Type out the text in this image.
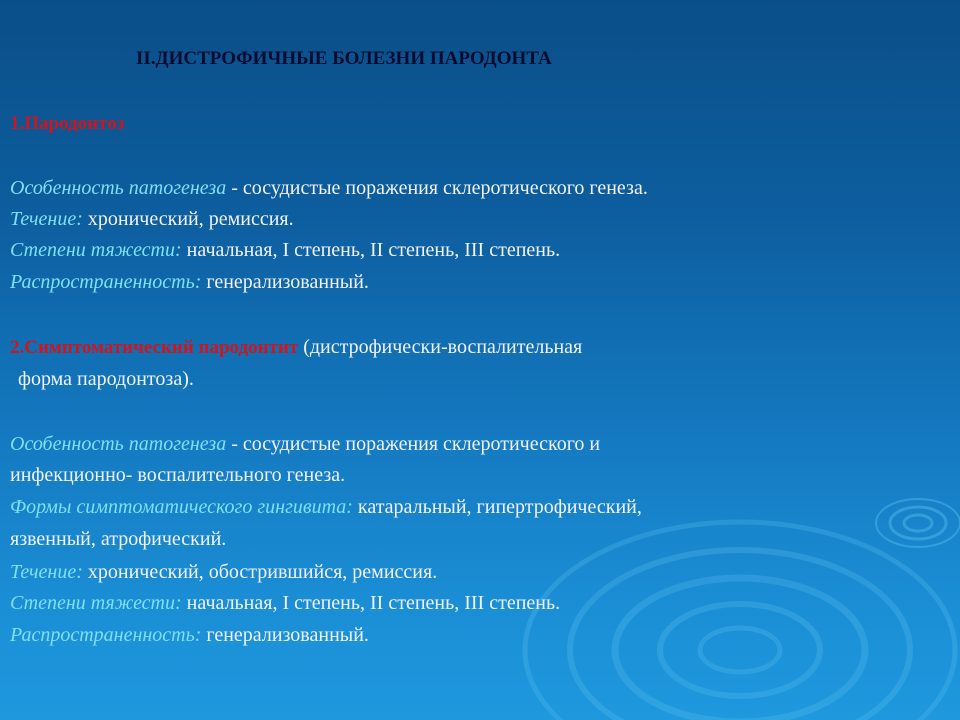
II.ДИСТРОФИЧНЫЕ БОЛЕЗНИ ПАРОДОНТА
1.Пародонтоз
Особенность патогенеза - сосудистые поражения склеротического генеза.
Течение: хронический, ремиссия.
Степени тяжести: начальная, I степень, II степень, III степень.
Распространенность: генерализованный.
2.Симптоматический пародонтит (дистрофически-воспалительная
форма пародонтоза).
Особенность патогенеза - сосудистые поражения склеротического и
инфекционно- воспалительного генеза.
Формы симптоматического гингивита: катаральный, гипертрофический,
язвенный, атрофический.
Течение: хронический, обострившийся, ремиссия.
Степени тяжести: начальная, I степень, II степень, III степень.
Распространенность: генерализованный.
